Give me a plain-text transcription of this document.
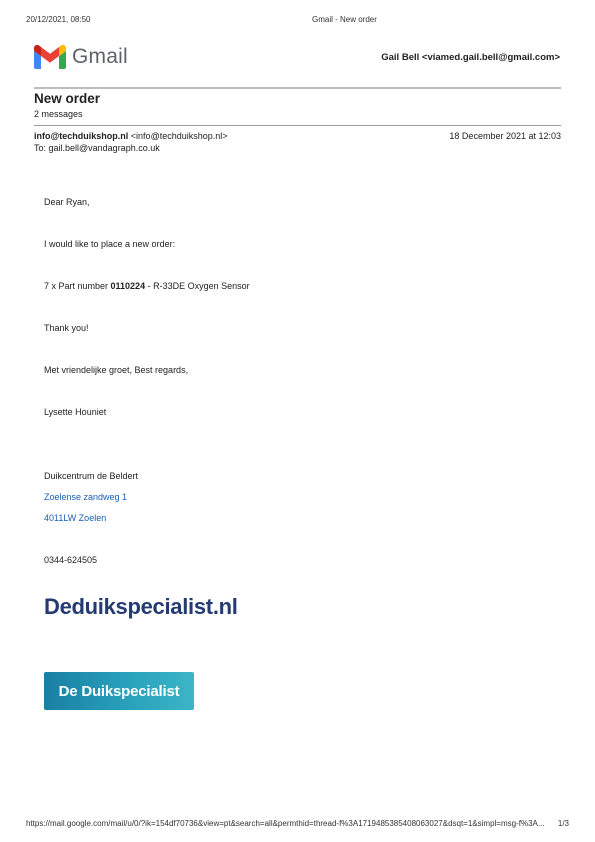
20/12/2021, 08:50	Gmail - New order
Gmail	Gail Bell <viamed.gail.bell@gmail.com>
New order
2 messages
info@techduikshop.nl <info@techduikshop.nl>
To: gail.bell@vandagraph.co.uk
18 December 2021 at 12:03
Dear Ryan,
I would like to place a new order:
7 x Part number 0110224 - R-33DE Oxygen Sensor
Thank you!
Met vriendelijke groet, Best regards,
Lysette Houniet
Duikcentrum de Beldert
Zoelense zandweg 1
4011LW Zoelen
0344-624505
Deduikspecialist.nl
De Duikspecialist
https://mail.google.com/mail/u/0/?ik=154df70736&view=pt&search=all&permthid=thread-f%3A1719485385408063027&dsqt=1&simpl=msg-f%3A...	1/3
